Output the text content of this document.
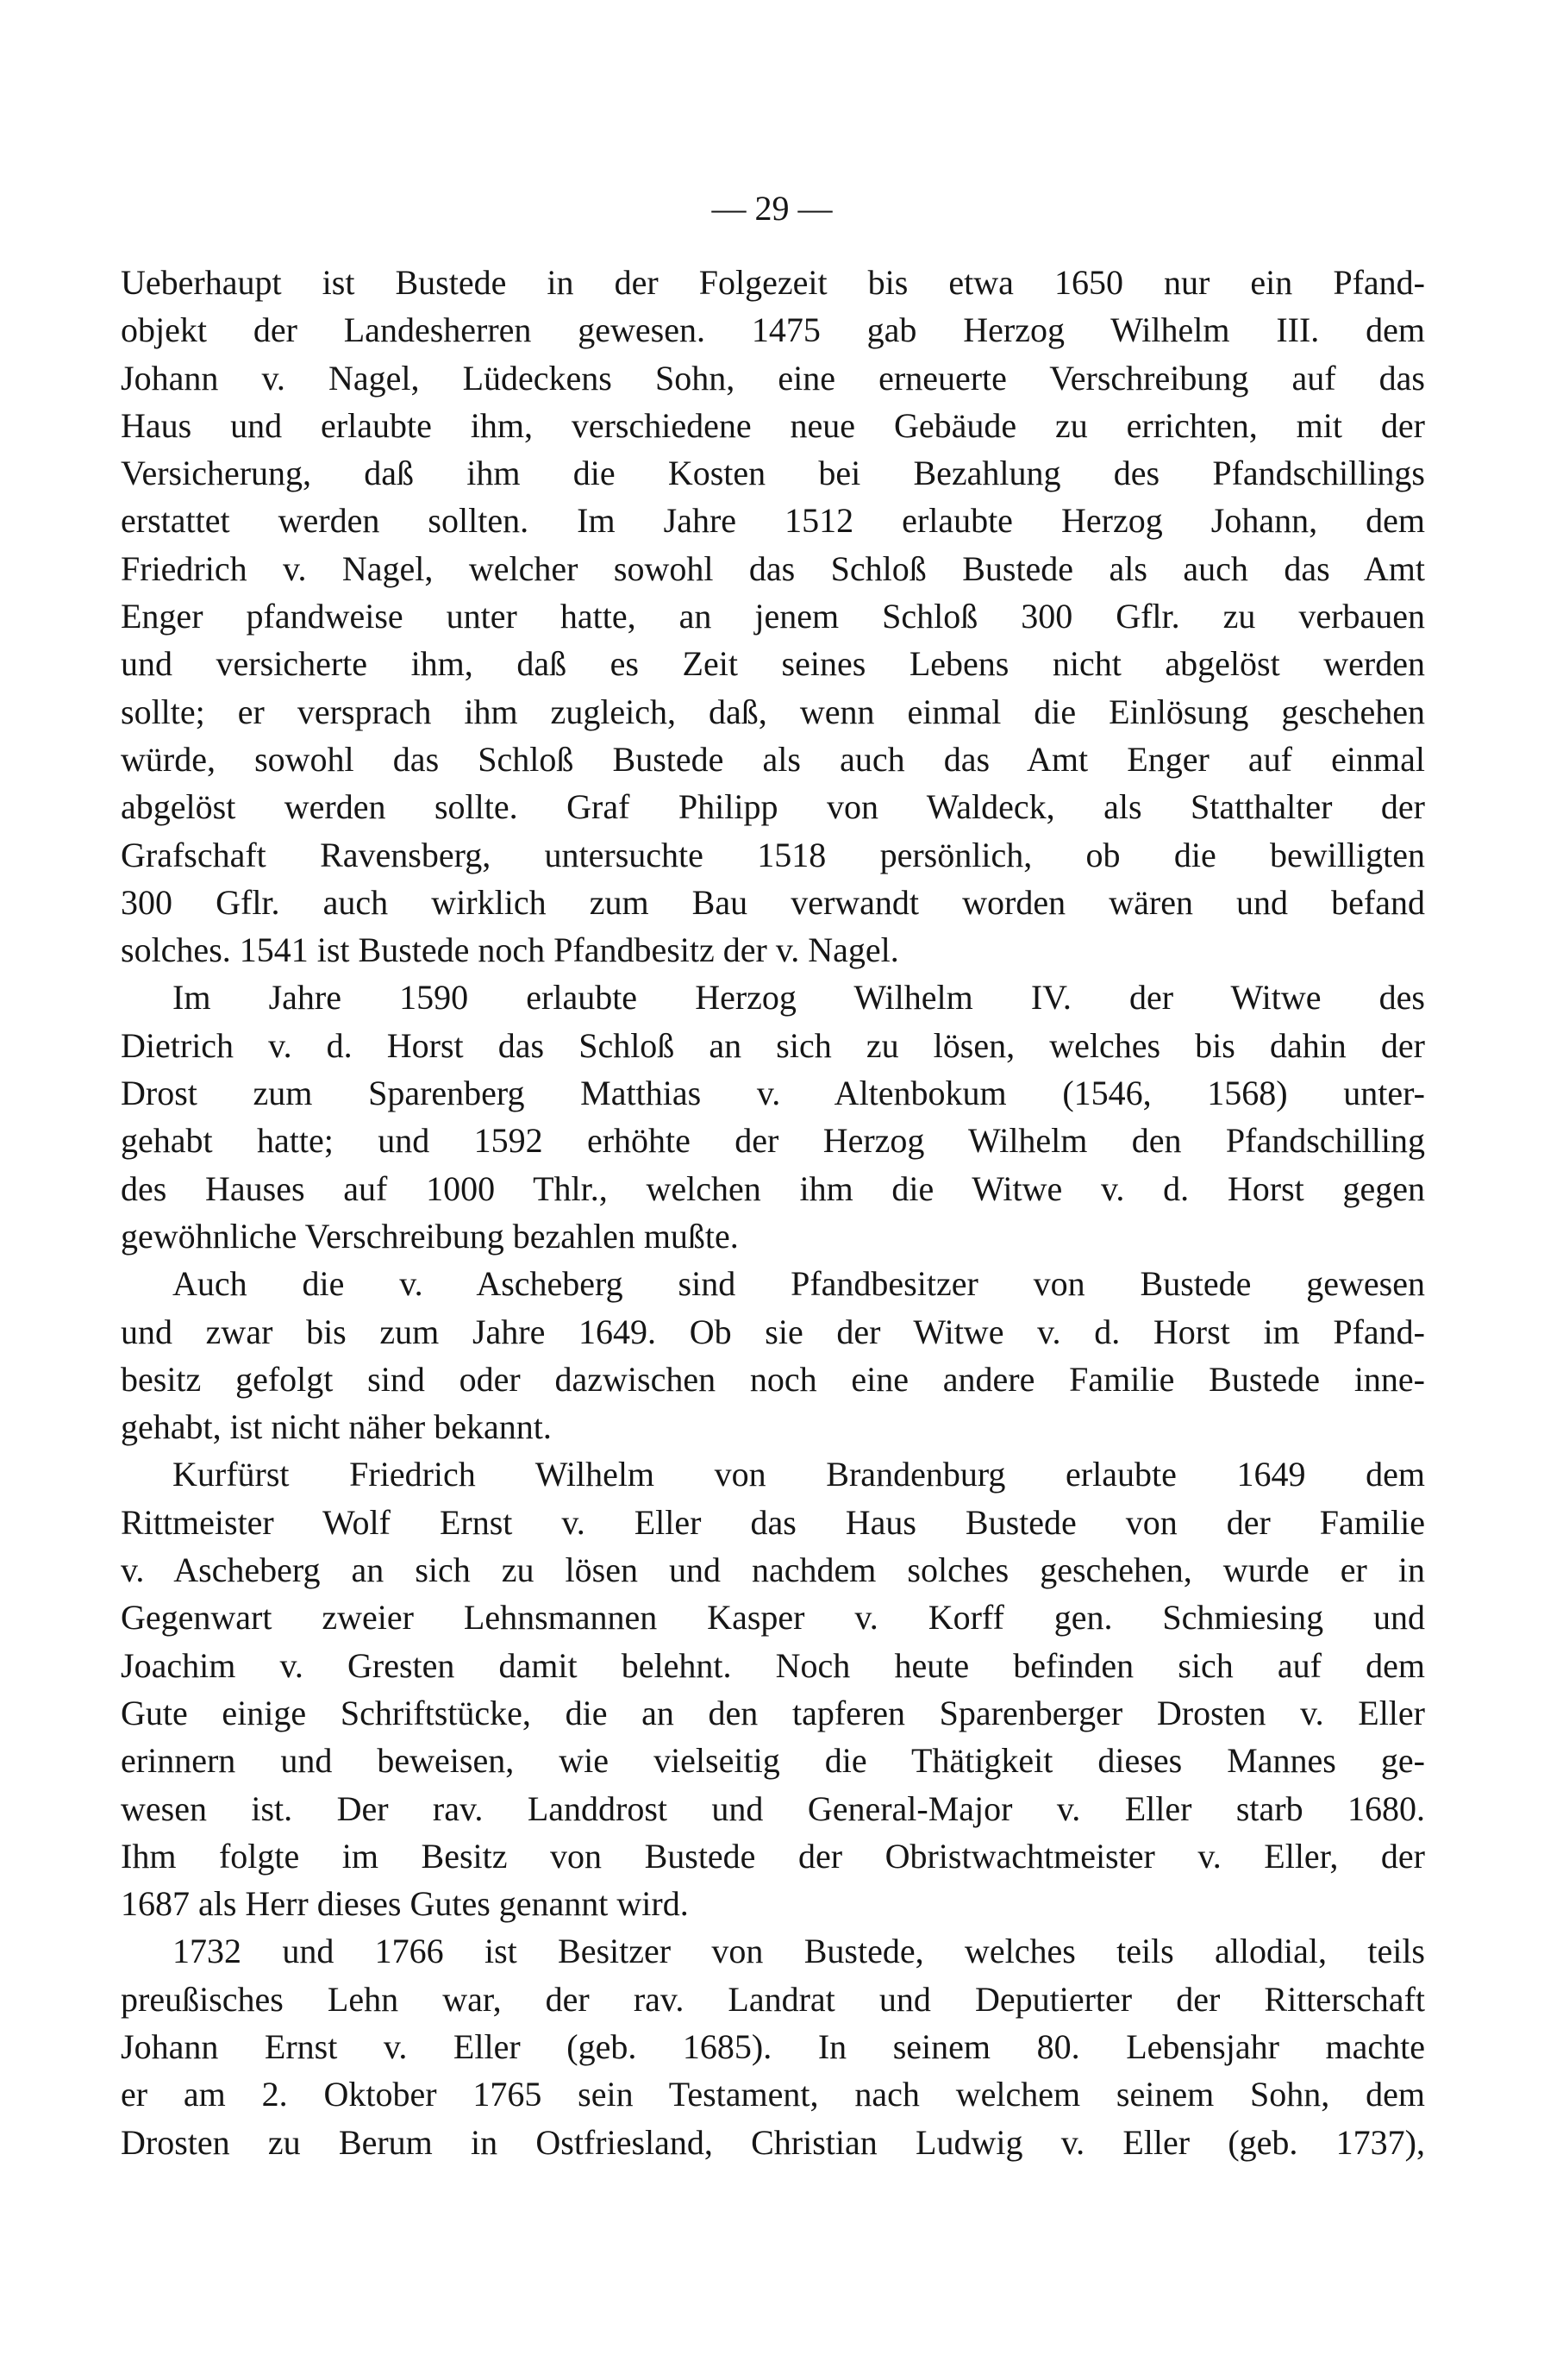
— 29 —
Ueberhaupt ist Bustede in der Folgezeit bis etwa 1650 nur ein Pfand-
objekt der Landesherren gewesen. 1475 gab Herzog Wilhelm III. dem
Johann v. Nagel, Lüdeckens Sohn, eine erneuerte Verschreibung auf das
Haus und erlaubte ihm, verschiedene neue Gebäude zu errichten, mit der
Versicherung, daß ihm die Kosten bei Bezahlung des Pfandschillings
erstattet werden sollten. Im Jahre 1512 erlaubte Herzog Johann, dem
Friedrich v. Nagel, welcher sowohl das Schloß Bustede als auch das Amt
Enger pfandweise unter hatte, an jenem Schloß 300 Gflr. zu verbauen
und versicherte ihm, daß es Zeit seines Lebens nicht abgelöst werden
sollte; er versprach ihm zugleich, daß, wenn einmal die Einlösung geschehen
würde, sowohl das Schloß Bustede als auch das Amt Enger auf einmal
abgelöst werden sollte. Graf Philipp von Waldeck, als Statthalter der
Grafschaft Ravensberg, untersuchte 1518 persönlich, ob die bewilligten
300 Gflr. auch wirklich zum Bau verwandt worden wären und befand
solches. 1541 ist Bustede noch Pfandbesitz der v. Nagel.
Im Jahre 1590 erlaubte Herzog Wilhelm IV. der Witwe des
Dietrich v. d. Horst das Schloß an sich zu lösen, welches bis dahin der
Drost zum Sparenberg Matthias v. Altenbokum (1546, 1568) unter-
gehabt hatte; und 1592 erhöhte der Herzog Wilhelm den Pfandschilling
des Hauses auf 1000 Thlr., welchen ihm die Witwe v. d. Horst gegen
gewöhnliche Verschreibung bezahlen mußte.
Auch die v. Ascheberg sind Pfandbesitzer von Bustede gewesen
und zwar bis zum Jahre 1649. Ob sie der Witwe v. d. Horst im Pfand-
besitz gefolgt sind oder dazwischen noch eine andere Familie Bustede inne-
gehabt, ist nicht näher bekannt.
Kurfürst Friedrich Wilhelm von Brandenburg erlaubte 1649 dem
Rittmeister Wolf Ernst v. Eller das Haus Bustede von der Familie
v. Ascheberg an sich zu lösen und nachdem solches geschehen, wurde er in
Gegenwart zweier Lehnsmannen Kasper v. Korff gen. Schmiesing und
Joachim v. Gresten damit belehnt. Noch heute befinden sich auf dem
Gute einige Schriftstücke, die an den tapferen Sparenberger Drosten v. Eller
erinnern und beweisen, wie vielseitig die Thätigkeit dieses Mannes ge-
wesen ist. Der rav. Landdrost und General-Major v. Eller starb 1680.
Ihm folgte im Besitz von Bustede der Obristwachtmeister v. Eller, der
1687 als Herr dieses Gutes genannt wird.
1732 und 1766 ist Besitzer von Bustede, welches teils allodial, teils
preußisches Lehn war, der rav. Landrat und Deputierter der Ritterschaft
Johann Ernst v. Eller (geb. 1685). In seinem 80. Lebensjahr machte
er am 2. Oktober 1765 sein Testament, nach welchem seinem Sohn, dem
Drosten zu Berum in Ostfriesland, Christian Ludwig v. Eller (geb. 1737),
